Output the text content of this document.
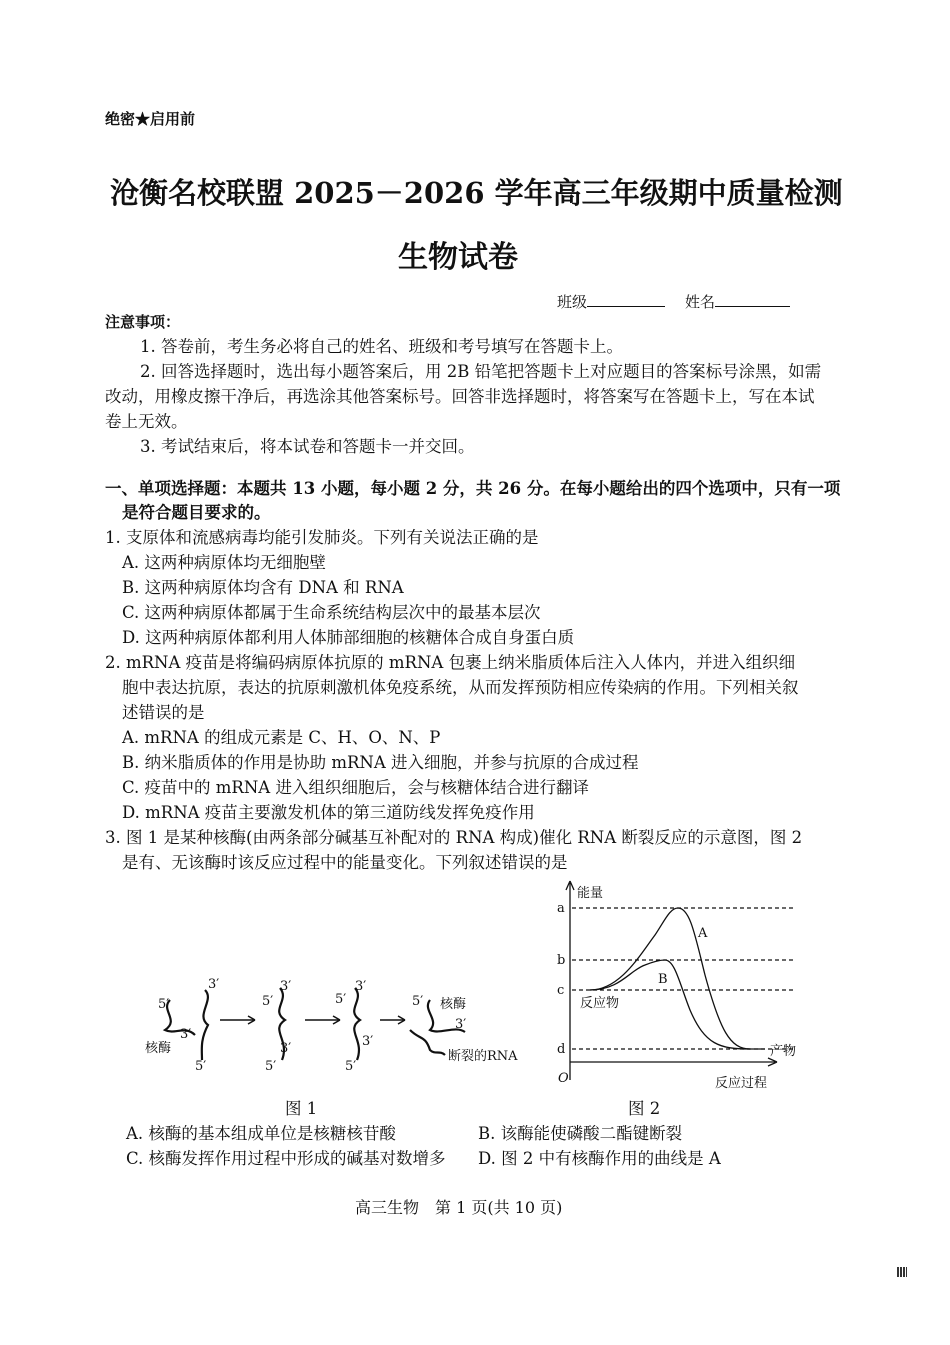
绝密★启用前
沧衡名校联盟 2025－2026 学年高三年级期中质量检测
生物试卷
班级	姓名
注意事项：
1. 答卷前，考生务必将自己的姓名、班级和考号填写在答题卡上。
2. 回答选择题时，选出每小题答案后，用 2B 铅笔把答题卡上对应题目的答案标号涂黑，如需
改动，用橡皮擦干净后，再选涂其他答案标号。回答非选择题时，将答案写在答题卡上，写在本试
卷上无效。
3. 考试结束后，将本试卷和答题卡一并交回。
一、单项选择题：本题共 13 小题，每小题 2 分，共 26 分。在每小题给出的四个选项中，只有一项
是符合题目要求的。
1. 支原体和流感病毒均能引发肺炎。下列有关说法正确的是
A. 这两种病原体均无细胞壁
B. 这两种病原体均含有 DNA 和 RNA
C. 这两种病原体都属于生命系统结构层次中的最基本层次
D. 这两种病原体都利用人体肺部细胞的核糖体合成自身蛋白质
2. mRNA 疫苗是将编码病原体抗原的 mRNA 包裹上纳米脂质体后注入人体内，并进入组织细
胞中表达抗原，表达的抗原刺激机体免疫系统，从而发挥预防相应传染病的作用。下列相关叙
述错误的是
A. mRNA 的组成元素是 C、H、O、N、P
B. 纳米脂质体的作用是协助 mRNA 进入细胞，并参与抗原的合成过程
C. 疫苗中的 mRNA 进入组织细胞后，会与核糖体结合进行翻译
D. mRNA 疫苗主要激发机体的第三道防线发挥免疫作用
3. 图 1 是某种核酶(由两条部分碱基互补配对的 RNA 构成)催化 RNA 断裂反应的示意图，图 2
是有、无该酶时该反应过程中的能量变化。下列叙述错误的是
5′
3′
3′
核酶
5′
5′
3′
3′
5′
5′
3′
3′
5′
5′ 核酶
3′
断裂的RNA
图 1
能量
a
b
c
d
A
B
反应物
产物
O	反应过程
图 2
A. 核酶的基本组成单位是核糖核苷酸	B. 该酶能使磷酸二酯键断裂
C. 核酶发挥作用过程中形成的碱基对数增多 D. 图 2 中有核酶作用的曲线是 A
高三生物　第 1 页(共 10 页)
